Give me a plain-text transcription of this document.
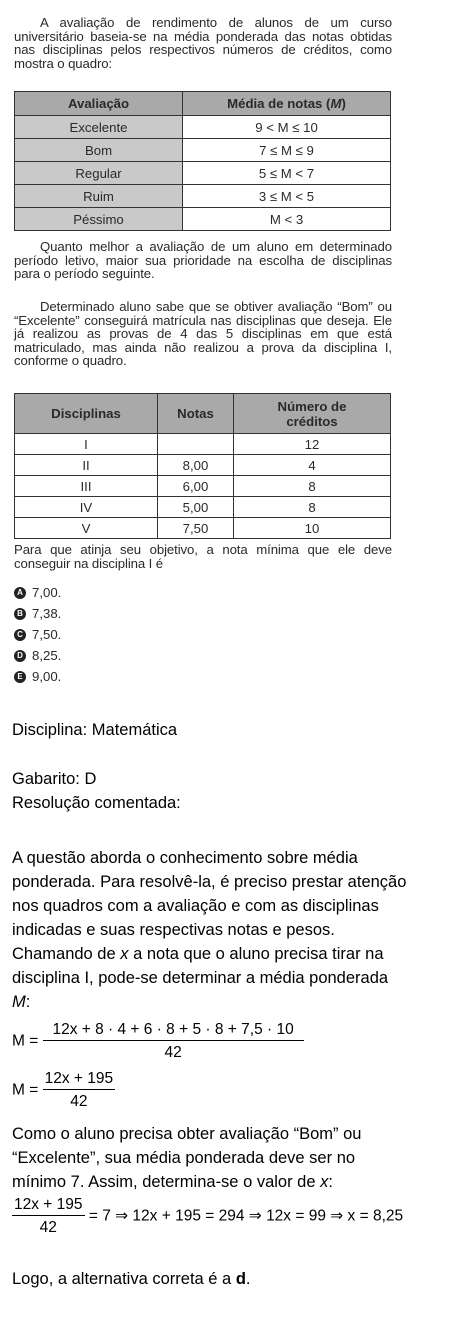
A avaliação de rendimento de alunos de um curso universitário baseia-se na média ponderada das notas obtidas nas disciplinas pelos respectivos números de créditos, como mostra o quadro:
Avaliação	Média de notas (M)
Excelente	9 < M ≤ 10
Bom	7 ≤ M ≤ 9
Regular	5 ≤ M < 7
Ruim	3 ≤ M < 5
Péssimo	M < 3
Quanto melhor a avaliação de um aluno em determinado período letivo, maior sua prioridade na escolha de disciplinas para o período seguinte.
Determinado aluno sabe que se obtiver avaliação “Bom” ou “Excelente” conseguirá matrícula nas disciplinas que deseja. Ele já realizou as provas de 4 das 5 disciplinas em que está matriculado, mas ainda não realizou a prova da disciplina I, conforme o quadro.
Disciplinas	Notas	Número de créditos
I		12
II	8,00	4
III	6,00	8
IV	5,00	8
V	7,50	10
Para que atinja seu objetivo, a nota mínima que ele deve conseguir na disciplina I é
A 7,00.
B 7,38.
C 7,50.
D 8,25.
E 9,00.
Disciplina: Matemática
Gabarito: D
Resolução comentada:
A questão aborda o conhecimento sobre média ponderada. Para resolvê-la, é preciso prestar atenção nos quadros com a avaliação e com as disciplinas indicadas e suas respectivas notas e pesos. Chamando de x a nota que o aluno precisa tirar na disciplina I, pode-se determinar a média ponderada M:
$M = \frac{12x + 8 \cdot 4 + 6 \cdot 8 + 5 \cdot 8 + 7,5 \cdot 10}{42}$
$M = \frac{12x + 195}{42}$
Como o aluno precisa obter avaliação “Bom” ou “Excelente”, sua média ponderada deve ser no mínimo 7. Assim, determina-se o valor de x:
$\frac{12x + 195}{42} = 7$ ⇒ 12x + 195 = 294 ⇒ 12x = 99 ⇒ x = 8,25
Logo, a alternativa correta é a d.
